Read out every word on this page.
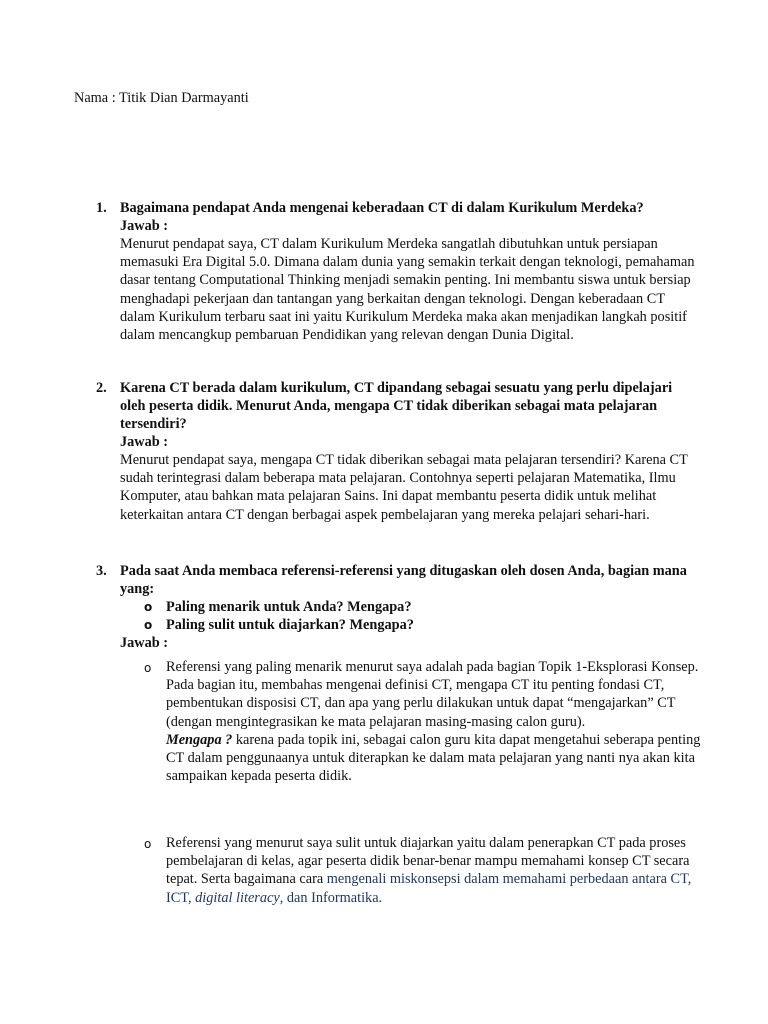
Nama : Titik Dian Darmayanti
1. Bagaimana pendapat Anda mengenai keberadaan CT di dalam Kurikulum Merdeka?
Jawab :
Menurut pendapat saya, CT dalam Kurikulum Merdeka sangatlah dibutuhkan untuk persiapan memasuki Era Digital 5.0. Dimana dalam dunia yang semakin terkait dengan teknologi, pemahaman dasar tentang Computational Thinking menjadi semakin penting. Ini membantu siswa untuk bersiap menghadapi pekerjaan dan tantangan yang berkaitan dengan teknologi. Dengan keberadaan CT dalam Kurikulum terbaru saat ini yaitu Kurikulum Merdeka maka akan menjadikan langkah positif dalam mencangkup pembaruan Pendidikan yang relevan dengan Dunia Digital.
2. Karena CT berada dalam kurikulum, CT dipandang sebagai sesuatu yang perlu dipelajari oleh peserta didik. Menurut Anda, mengapa CT tidak diberikan sebagai mata pelajaran tersendiri?
Jawab :
Menurut pendapat saya, mengapa CT tidak diberikan sebagai mata pelajaran tersendiri? Karena CT sudah terintegrasi dalam beberapa mata pelajaran. Contohnya seperti pelajaran Matematika, Ilmu Komputer, atau bahkan mata pelajaran Sains. Ini dapat membantu peserta didik untuk melihat keterkaitan antara CT dengan berbagai aspek pembelajaran yang mereka pelajari sehari-hari.
3. Pada saat Anda membaca referensi-referensi yang ditugaskan oleh dosen Anda, bagian mana yang:
o Paling menarik untuk Anda? Mengapa?
o Paling sulit untuk diajarkan? Mengapa?
Jawab :
o Referensi yang paling menarik menurut saya adalah pada bagian Topik 1-Eksplorasi Konsep. Pada bagian itu, membahas mengenai definisi CT, mengapa CT itu penting fondasi CT, pembentukan disposisi CT, dan apa yang perlu dilakukan untuk dapat “mengajarkan” CT (dengan mengintegrasikan ke mata pelajaran masing-masing calon guru).
Mengapa ? karena pada topik ini, sebagai calon guru kita dapat mengetahui seberapa penting CT dalam penggunaanya untuk diterapkan ke dalam mata pelajaran yang nanti nya akan kita sampaikan kepada peserta didik.
o Referensi yang menurut saya sulit untuk diajarkan yaitu dalam penerapkan CT pada proses pembelajaran di kelas, agar peserta didik benar-benar mampu memahami konsep CT secara tepat. Serta bagaimana cara mengenali miskonsepsi dalam memahami perbedaan antara CT, ICT, digital literacy, dan Informatika.
